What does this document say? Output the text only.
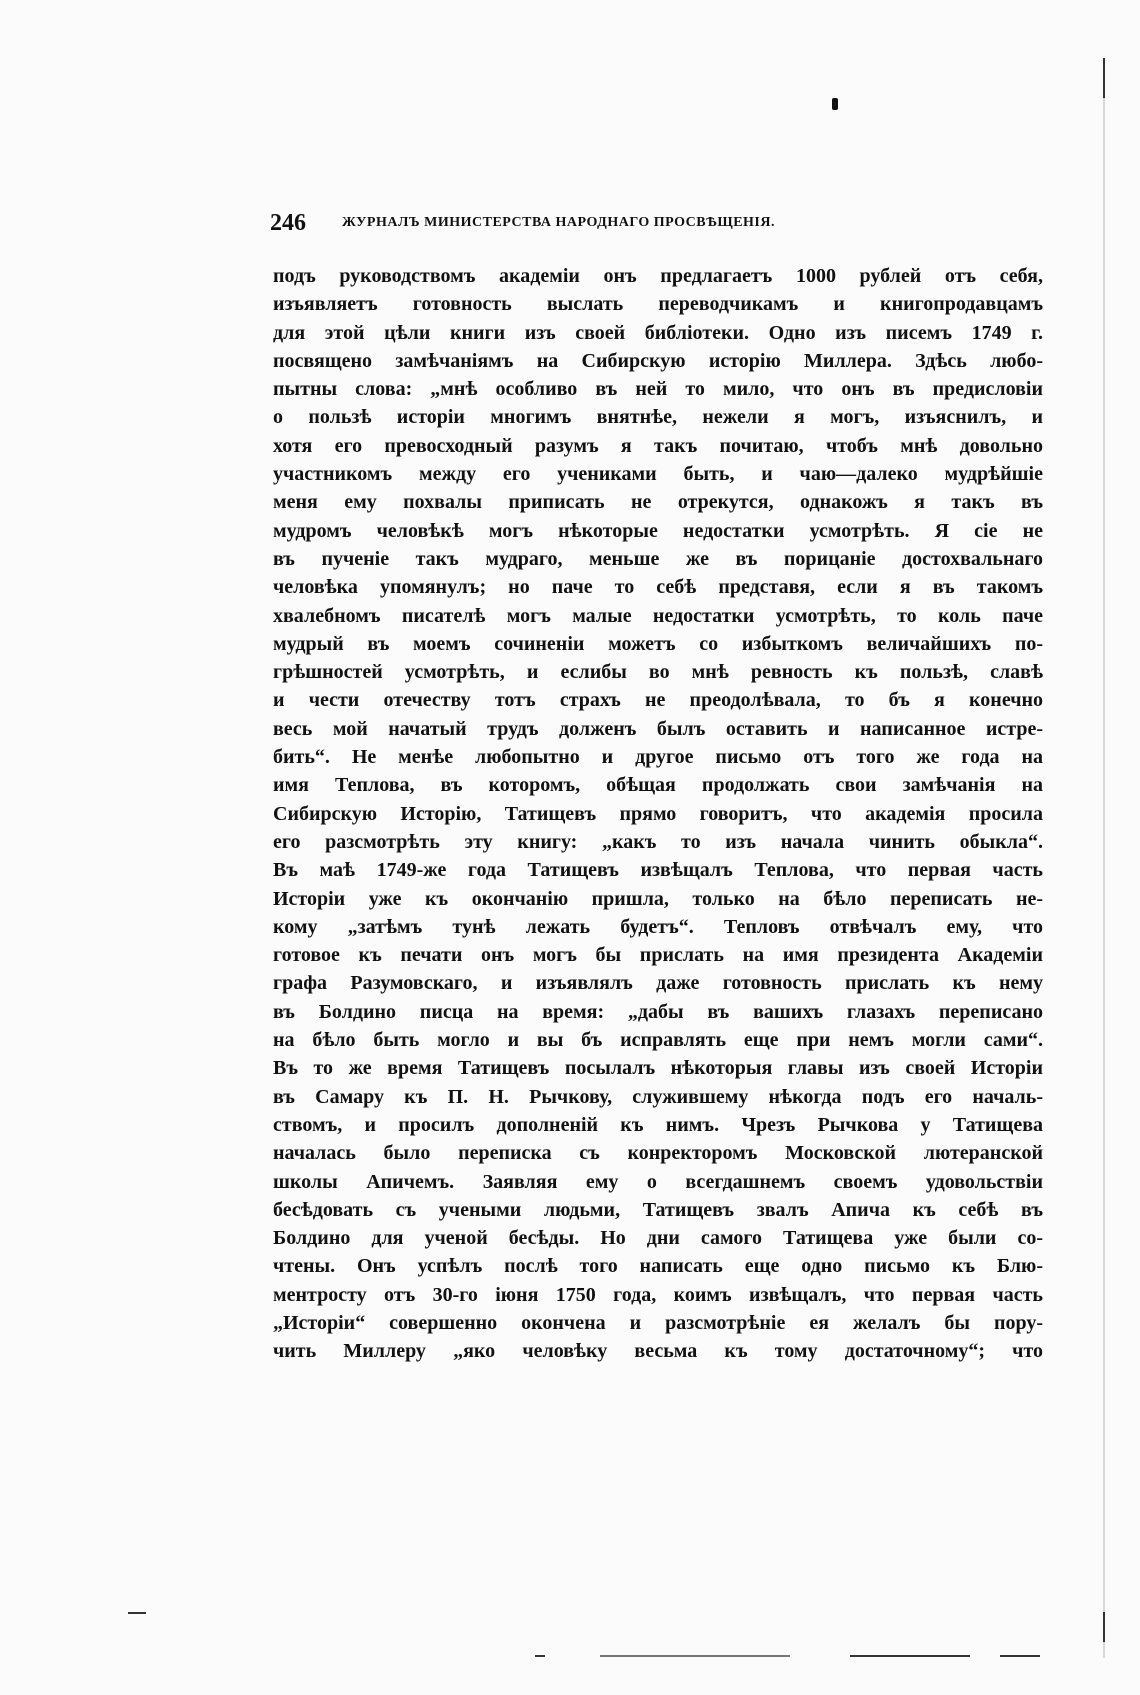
246	ЖУРНАЛЪ МИНИСТЕРСТВА НАРОДНАГО ПРОСВѢЩЕНІЯ.
подъ руководствомъ академіи онъ предлагаетъ 1000 рублей отъ себя,
изъявляетъ готовность выслать переводчикамъ и книгопродавцамъ
для этой цѣли книги изъ своей библіотеки. Одно изъ писемъ 1749 г.
посвящено замѣчаніямъ на Сибирскую исторію Миллера. Здѣсь любо-
пытны слова: „мнѣ особливо въ ней то мило, что онъ въ предисловіи
о пользѣ исторіи многимъ внятнѣе, нежели я могъ, изъяснилъ, и
хотя его превосходный разумъ я такъ почитаю, чтобъ мнѣ довольно
участникомъ между его учениками быть, и чаю—далеко мудрѣйшіе
меня ему похвалы приписать не отрекутся, однакожъ я такъ въ
мудромъ человѣкѣ могъ нѣкоторые недостатки усмотрѣть. Я сіе не
въ пученіе такъ мудраго, меньше же въ порицаніе достохвальнаго
человѣка упомянулъ; но паче то себѣ представя, если я въ такомъ
хвалебномъ писателѣ могъ малые недостатки усмотрѣть, то коль паче
мудрый въ моемъ сочиненіи можетъ со избыткомъ величайшихъ по-
грѣшностей усмотрѣть, и еслибы во мнѣ ревность къ пользѣ, славѣ
и чести отечеству тотъ страхъ не преодолѣвала, то бъ я конечно
весь мой начатый трудъ долженъ былъ оставить и написанное истре-
бить“. Не менѣе любопытно и другое письмо отъ того же года на
имя Теплова, въ которомъ, обѣщая продолжать свои замѣчанія на
Сибирскую Исторію, Татищевъ прямо говоритъ, что академія просила
его разсмотрѣть эту книгу: „какъ то изъ начала чинить обыкла“.
Въ маѣ 1749-же года Татищевъ извѣщалъ Теплова, что первая часть
Исторіи уже къ окончанію пришла, только на бѣло переписать не-
кому „затѣмъ тунѣ лежать будетъ“. Тепловъ отвѣчалъ ему, что
готовое къ печати онъ могъ бы прислать на имя президента Академіи
графа Разумовскаго, и изъявлялъ даже готовность прислать къ нему
въ Болдино писца на время: „дабы въ вашихъ глазахъ переписано
на бѣло быть могло и вы бъ исправлять еще при немъ могли сами“.
Въ то же время Татищевъ посылалъ нѣкоторыя главы изъ своей Исторіи
въ Самару къ П. Н. Рычкову, служившему нѣкогда подъ его началь-
ствомъ, и просилъ дополненій къ нимъ. Чрезъ Рычкова у Татищева
началась было переписка съ конректоромъ Московской лютеранской
школы Апичемъ. Заявляя ему о всегдашнемъ своемъ удовольствіи
бесѣдовать съ учеными людьми, Татищевъ звалъ Апича къ себѣ въ
Болдино для ученой бесѣды. Но дни самого Татищева уже были со-
чтены. Онъ успѣлъ послѣ того написать еще одно письмо къ Блю-
ментросту отъ 30-го іюня 1750 года, коимъ извѣщалъ, что первая часть
„Исторіи“ совершенно окончена и разсмотрѣніе ея желалъ бы пору-
чить Миллеру „яко человѣку весьма къ тому достаточному“; что
